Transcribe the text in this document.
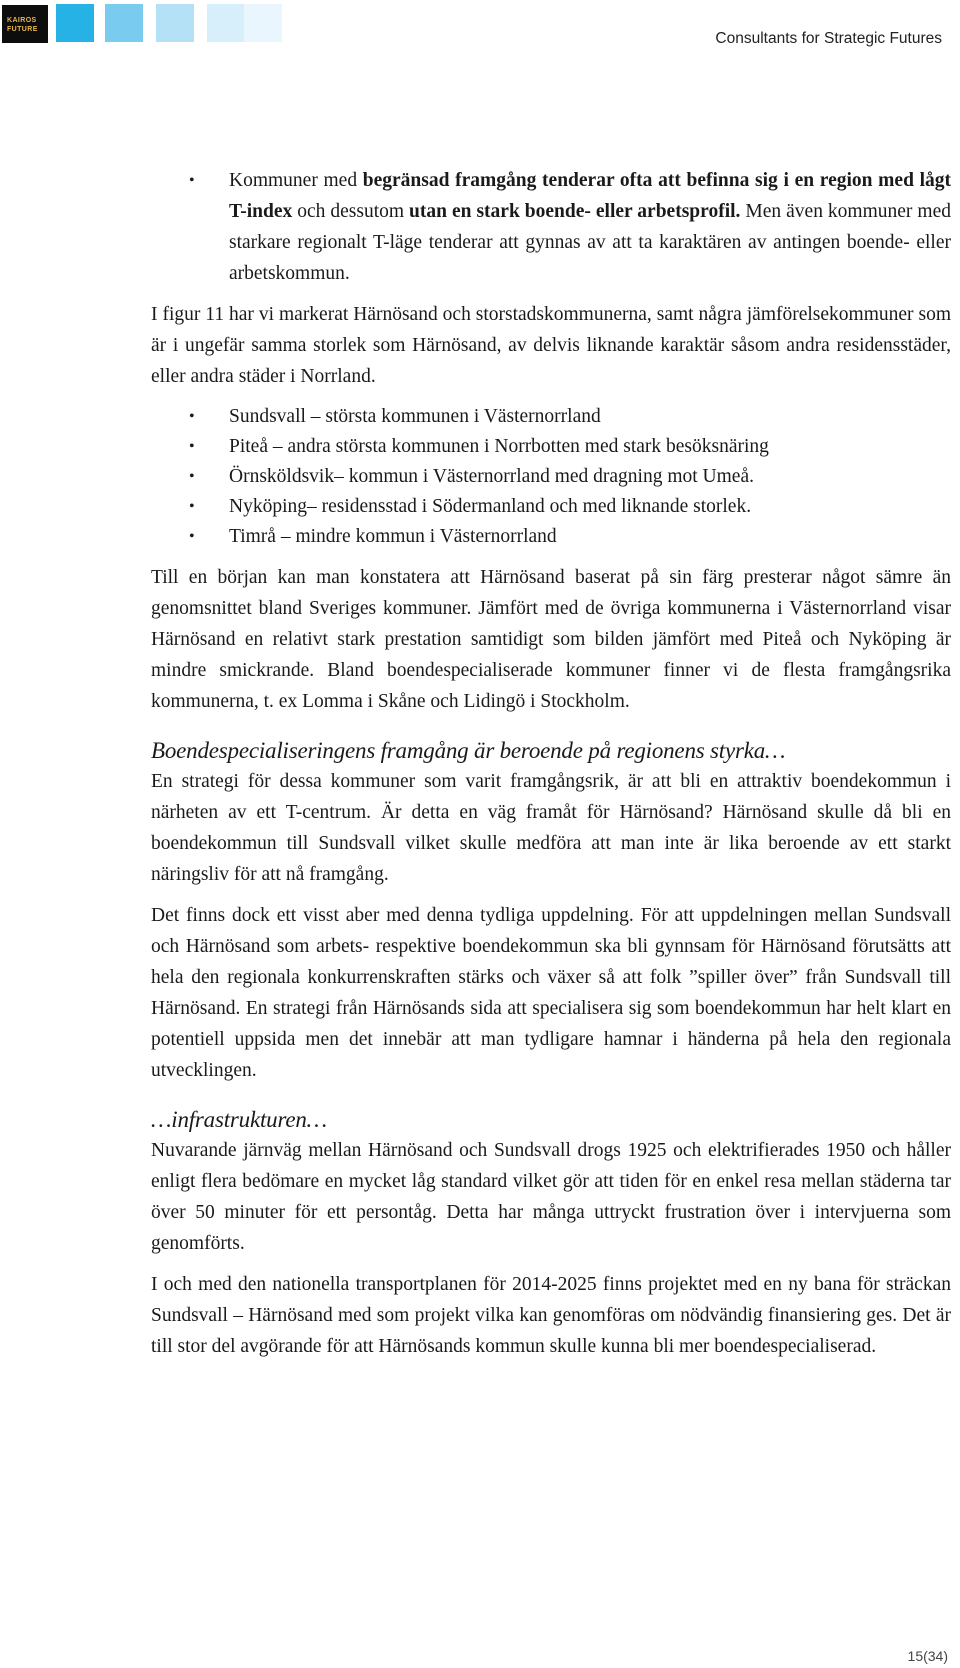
KAIROS
FUTURE
Consultants for Strategic Futures
• Kommuner med begränsad framgång tenderar ofta att befinna sig i en region med lågt T-index och dessutom utan en stark boende- eller arbetsprofil. Men även kommuner med starkare regionalt T-läge tenderar att gynnas av att ta karaktären av antingen boende- eller arbetskommun.

I figur 11 har vi markerat Härnösand och storstadskommunerna, samt några jämförelsekommuner som är i ungefär samma storlek som Härnösand, av delvis liknande karaktär såsom andra residensstäder, eller andra städer i Norrland.

• Sundsvall – största kommunen i Västernorrland
• Piteå – andra största kommunen i Norrbotten med stark besöksnäring
• Örnsköldsvik– kommun i Västernorrland med dragning mot Umeå.
• Nyköping– residensstad i Södermanland och med liknande storlek.
• Timrå – mindre kommun i Västernorrland

Till en början kan man konstatera att Härnösand baserat på sin färg presterar något sämre än genomsnittet bland Sveriges kommuner. Jämfört med de övriga kommunerna i Västernorrland visar Härnösand en relativt stark prestation samtidigt som bilden jämfört med Piteå och Nyköping är mindre smickrande. Bland boendespecialiserade kommuner finner vi de flesta framgångsrika kommunerna, t. ex Lomma i Skåne och Lidingö i Stockholm.

Boendespecialiseringens framgång är beroende på regionens styrka…

En strategi för dessa kommuner som varit framgångsrik, är att bli en attraktiv boendekommun i närheten av ett T-centrum. Är detta en väg framåt för Härnösand? Härnösand skulle då bli en boendekommun till Sundsvall vilket skulle medföra att man inte är lika beroende av ett starkt näringsliv för att nå framgång.

Det finns dock ett visst aber med denna tydliga uppdelning. För att uppdelningen mellan Sundsvall och Härnösand som arbets- respektive boendekommun ska bli gynnsam för Härnösand förutsätts att hela den regionala konkurrenskraften stärks och växer så att folk ”spiller över” från Sundsvall till Härnösand. En strategi från Härnösands sida att specialisera sig som boendekommun har helt klart en potentiell uppsida men det innebär att man tydligare hamnar i händerna på hela den regionala utvecklingen.

…infrastrukturen…

Nuvarande järnväg mellan Härnösand och Sundsvall drogs 1925 och elektrifierades 1950 och håller enligt flera bedömare en mycket låg standard vilket gör att tiden för en enkel resa mellan städerna tar över 50 minuter för ett persontåg. Detta har många uttryckt frustration över i intervjuerna som genomförts.

I och med den nationella transportplanen för 2014-2025 finns projektet med en ny bana för sträckan Sundsvall – Härnösand med som projekt vilka kan genomföras om nödvändig finansiering ges. Det är till stor del avgörande för att Härnösands kommun skulle kunna bli mer boendespecialiserad.

15(34)
